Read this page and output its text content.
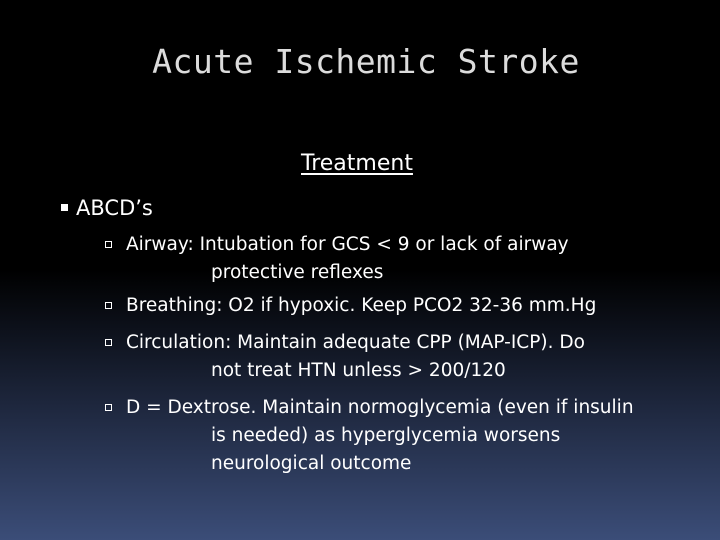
Acute Ischemic Stroke
Treatment
ABCD’s
Airway: Intubation for GCS < 9 or lack of airway
protective reflexes
Breathing: O2 if hypoxic. Keep PCO2 32-36 mm.Hg
Circulation: Maintain adequate CPP (MAP-ICP). Do
not treat HTN unless > 200/120
D = Dextrose. Maintain normoglycemia (even if insulin
is needed) as hyperglycemia worsens
neurological outcome
